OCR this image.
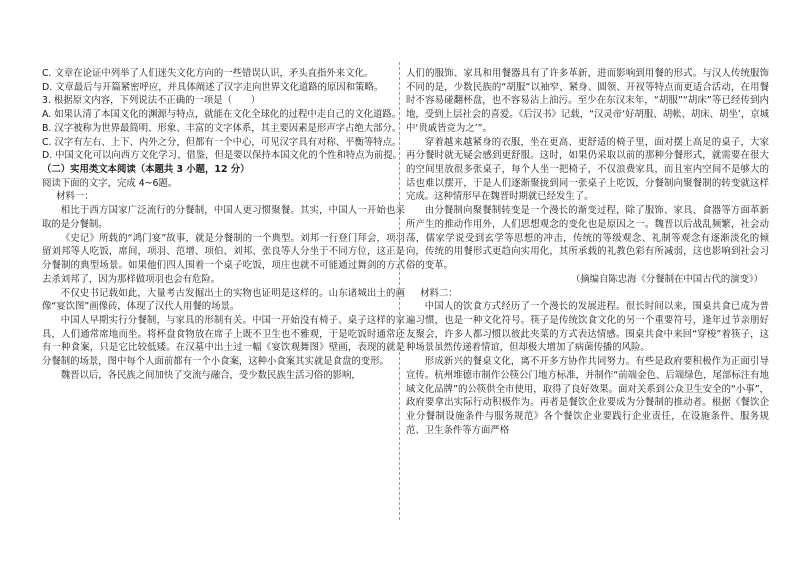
C. 文章在论证中列举了人们迷失文化方向的一些错误认识，矛头直指外来文化。

D. 文章最后与开篇紧密呼应，并具体阐述了汉字走向世界文化道路的原因和策略。

3. 根据原文内容，下列说法不正确的一项是（　　）

A. 如果认清了本国文化的渊源与特点，就能在文化全球化的过程中走自己的文化道路。

B. 汉字被称为世界最简明、形象、丰富的文字体系，其主要因素是形声字占绝大部分。

C. 汉字有左右、上下、内外之分，但都有一个中心，可见汉字具有对称、平衡等特点。

D. 中国文化可以向西方文化学习、借鉴，但是要以保持本国文化的个性和特点为前提。

（二）实用类文本阅读（本题共 3 小题，12 分）

阅读下面的文字，完成 4~6题。

材料一：

相比于西方国家广泛流行的分餐制，中国人更习惯聚餐。其实，中国人一开始也采取的是分餐制。

《史记》所载的“鸿门宴”故事，就是分餐制的一个典型。刘邦一行登门拜会，项羽留刘邦等人吃饭，席间，项羽、范增、项伯、刘邦、张良等人分坐于不同方位，这正是分餐制的典型场景。如果他们四人围着一个桌子吃饭，项庄也就不可能通过舞剑的方式去杀刘邦了，因为那样做项羽也会有危险。

不仅史书记载如此，大量考古发掘出土的实物也证明是这样的。山东诸城出土的画像“宴饮图”画像砖，体现了汉代人用餐的场景。

中国人早期实行分餐制，与家具的形制有关。中国一开始没有椅子、桌子这样的家具，人们通常席地而坐。将杯盘食物放在席子上既不卫生也不雅观，于是吃饭时通常还有一种食案，只是它比较低矮。在汉墓中出土过一幅《宴饮观舞图》壁画，表现的就是分餐制的场景，图中每个人面前都有一个小食案，这种小食案其实就是食盘的变形。

魏晋以后，各民族之间加快了交流与融合，受少数民族生活习俗的影响，

人们的服饰、家具和用餐器具有了许多革新，进而影响到用餐的形式。与汉人传统服饰不同的是，少数民族的“胡服”以袖窄、紧身、圆领、开衩等特点而更适合活动，在用餐时不容易碰翻杯盘，也不容易沾上油污。至少在东汉末年，“胡服”“胡床”等已经传到内地，受到上层社会的喜爱。《后汉书》记载，“汉灵帝‘好胡服、胡帐、胡床、胡坐’，京城中‘贵戚皆竞为之’”。

穿着越来越紧身的衣服，坐在更高、更舒适的椅子里，面对摆上高足的桌子，大家再分餐时就无疑会感到更舒服。这时，如果仍采取以前的那种分餐形式，就需要在很大的空间里放很多张桌子，每个人坐一把椅子，不仅浪费家具，而且室内空间不是够大的话也难以摆开，于是人们逐渐聚拢到同一张桌子上吃饭，分餐制向聚餐制的转变就这样完成。这种情形早在魏晋时期就已经发生了。

由分餐制向聚餐制转变是一个漫长的渐变过程，除了服饰、家具、食器等方面革新所产生的推动作用外，人们思想观念的变化也是原因之一。魏晋以后战乱频繁，社会动荡，儒家学说受到玄学等思想的冲击，传统的等级观念、礼制等观念有逐渐淡化的倾向，传统的用餐形式更趋向实用化，其所承载的礼教色彩有所减弱，这也影响到社会习俗的变革。

（摘编自陈忠海《分餐制在中国古代的演变》）

材料二：

中国人的饮食方式经历了一个漫长的发展进程。很长时间以来，围桌共食已成为普遍习惯，也是一种文化符号。筷子是传统饮食文化的另一个重要符号，逢年过节亲朋好友聚会，许多人都习惯以彼此夹菜的方式表达情感。围桌共食中来回“穿梭”着筷子，这种场景虽然传递着情谊，但却极大增加了病菌传播的风险。

形成新兴的餐桌文化，离不开多方协作共同努力。有些是政府要积极作为正面引导宣传。杭州堆德市制作公筷公门地方标准，并制作“前端金色、后端绿色，尾部标注有地域文化品牌”的公筷供全市使用，取得了良好效果。面对关系到公众卫生安全的“小事”，政府要拿出实际行动积极作为。再者是餐饮企业要成为分餐制的推动者。根据《餐饮企业分餐制设施条件与服务规范》各个餐饮企业要践行企业责任，在设施条件、服务规范、卫生条件等方面严格
